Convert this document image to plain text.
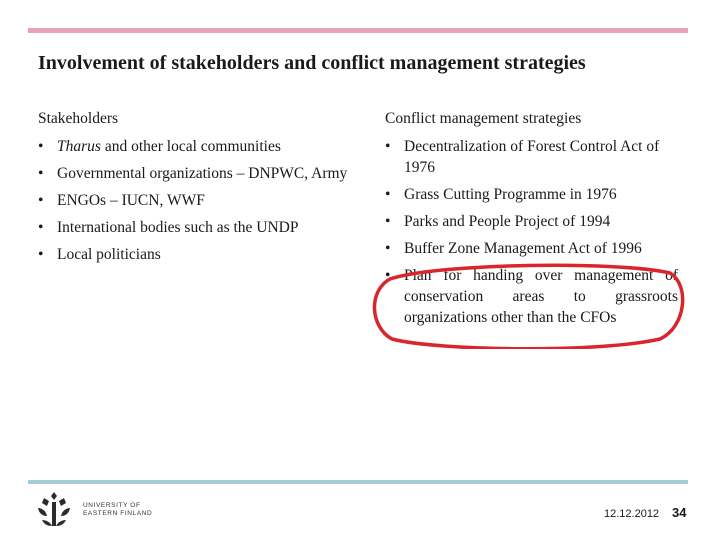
Involvement of stakeholders and conflict management strategies
Stakeholders
• Tharus and other local communities
• Governmental organizations – DNPWC, Army
• ENGOs – IUCN, WWF
• International bodies such as the UNDP
• Local politicians
Conflict management strategies
• Decentralization of Forest Control Act of 1976
• Grass Cutting Programme in 1976
• Parks and People Project of 1994
• Buffer Zone Management Act of 1996
• Plan for handing over management of conservation areas to grassroots organizations other than the CFOs
UNIVERSITY OF
EASTERN FINLAND	12.12.2012 34
